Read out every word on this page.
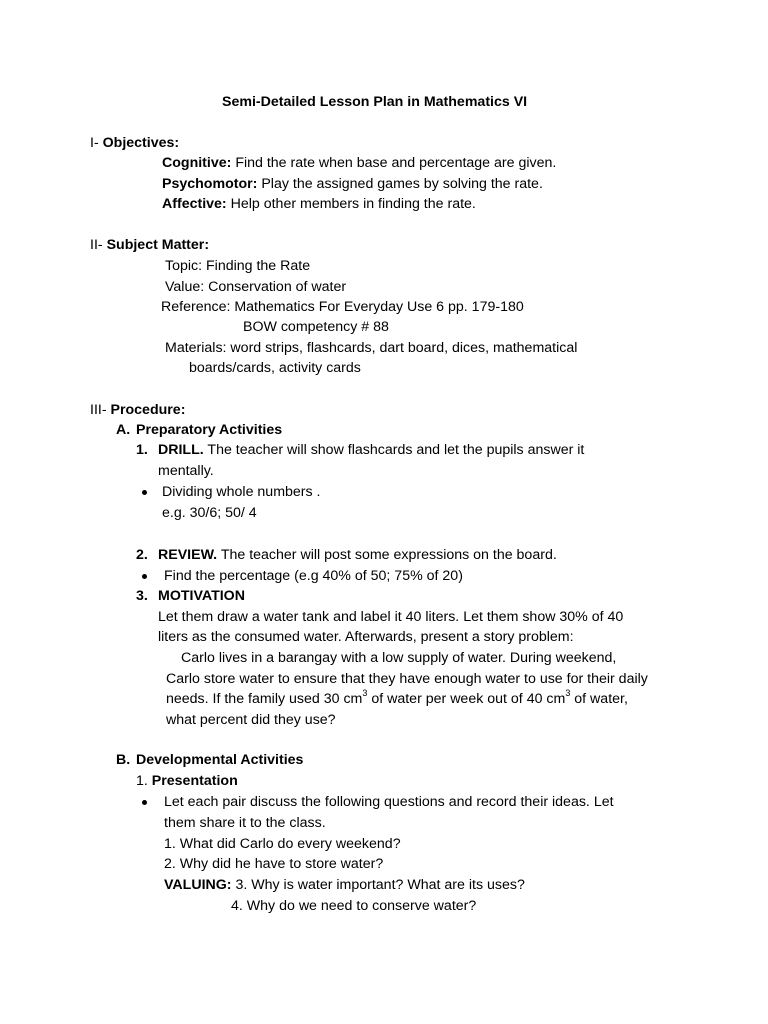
Semi-Detailed Lesson Plan in Mathematics VI
I- Objectives:
Cognitive: Find the rate when base and percentage are given.
Psychomotor: Play the assigned games by solving the rate.
Affective: Help other members in finding the rate.
II- Subject Matter:
Topic: Finding the Rate
Value: Conservation of water
Reference: Mathematics For Everyday Use 6 pp. 179-180
BOW competency # 88
Materials: word strips, flashcards, dart board, dices, mathematical
boards/cards, activity cards
III- Procedure:
A. Preparatory Activities
1. DRILL. The teacher will show flashcards and let the pupils answer it
mentally.
Dividing whole numbers .
e.g. 30/6; 50/ 4
2. REVIEW. The teacher will post some expressions on the board.
Find the percentage (e.g 40% of 50; 75% of 20)
3. MOTIVATION
Let them draw a water tank and label it 40 liters. Let them show 30% of 40
liters as the consumed water. Afterwards, present a story problem:
Carlo lives in a barangay with a low supply of water. During weekend,
Carlo store water to ensure that they have enough water to use for their daily
needs. If the family used 30 $cm^3$ of water per week out of 40 $cm^3$ of water,
what percent did they use?
B. Developmental Activities
1. Presentation
Let each pair discuss the following questions and record their ideas. Let
them share it to the class.
1. What did Carlo do every weekend?
2. Why did he have to store water?
VALUING: 3. Why is water important? What are its uses?
4. Why do we need to conserve water?
